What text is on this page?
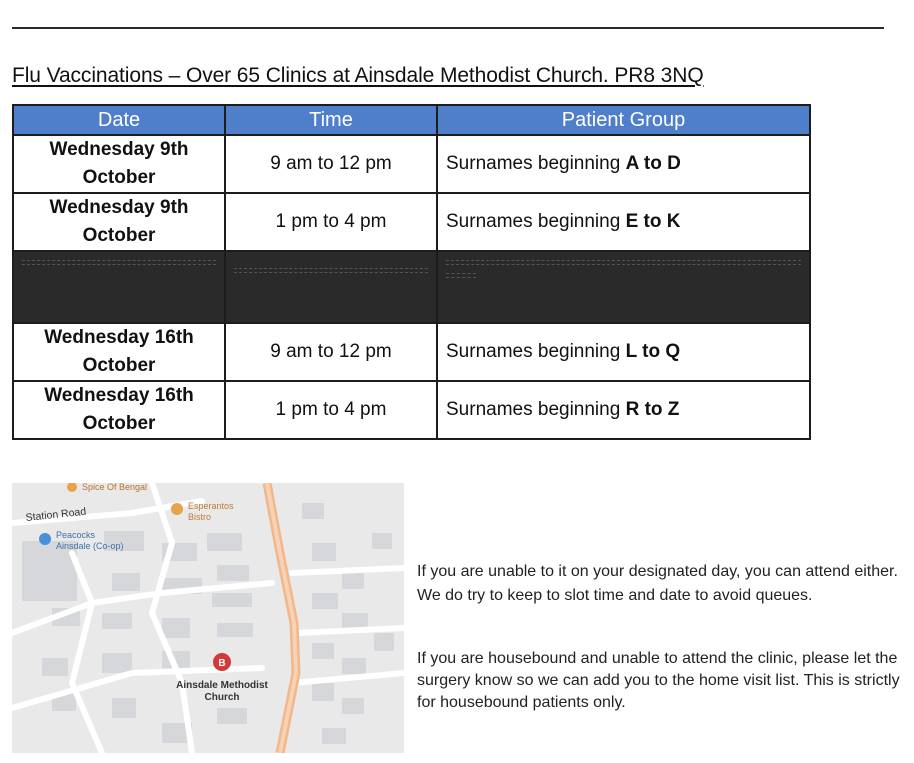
Flu Vaccinations – Over 65 Clinics at Ainsdale Methodist Church. PR8 3NQ
Date	Time	Patient Group
Wednesday 9th October	9 am to 12 pm	Surnames beginning A to D
Wednesday 9th October	1 pm to 4 pm	Surnames beginning E to K

Wednesday 16th October	9 am to 12 pm	Surnames beginning L to Q
Wednesday 16th October	1 pm to 4 pm	Surnames beginning R to Z
Spice Of Bengal
Station Road	Esperantos
Bistro
Peacocks
Ainsdale (Co-op)
B
Ainsdale Methodist
Church
If you are unable to it on your designated day, you can attend either. We do try to keep to slot time and date to avoid queues.
If you are housebound and unable to attend the clinic, please let the surgery know so we can add you to the home visit list. This is strictly for housebound patients only.
